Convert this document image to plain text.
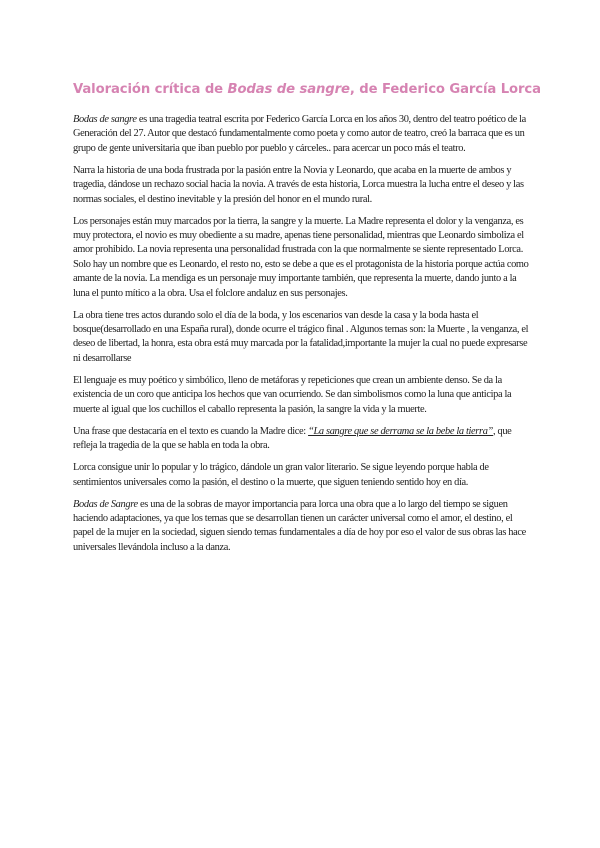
Valoración crítica de Bodas de sangre, de Federico García Lorca

Bodas de sangre es una tragedia teatral escrita por Federico García Lorca en los años 30, dentro del teatro poético de la Generación del 27. Autor que destacó fundamentalmente como poeta y como autor de teatro, creó la barraca que es un grupo de gente universitaria que iban pueblo por pueblo y cárceles.. para acercar un poco más el teatro.

Narra la historia de una boda frustrada por la pasión entre la Novia y Leonardo, que acaba en la muerte de ambos y tragedia, dándose un rechazo social hacia la novia. A través de esta historia, Lorca muestra la lucha entre el deseo y las normas sociales, el destino inevitable y la presión del honor en el mundo rural.

Los personajes están muy marcados por la tierra, la sangre y la muerte. La Madre representa el dolor y la venganza, es muy protectora, el novio es muy obediente a su madre, apenas tiene personalidad, mientras que Leonardo simboliza el amor prohibido. La novia representa una personalidad frustrada con la que normalmente se siente representado Lorca. Solo hay un nombre que es Leonardo, el resto no, esto se debe a que es el protagonista de la historia porque actúa como amante de la novia. La mendiga es un personaje muy importante también, que representa la muerte, dando junto a la luna el punto mítico a la obra. Usa el folclore andaluz en sus personajes.

La obra tiene tres actos durando solo el día de la boda, y los escenarios van desde la casa y la boda hasta el bosque(desarrollado en una España rural), donde ocurre el trágico final . Algunos temas son: la Muerte , la venganza, el deseo de libertad, la honra, esta obra está muy marcada por la fatalidad,importante la mujer la cual no puede expresarse ni desarrollarse

El lenguaje es muy poético y simbólico, lleno de metáforas y repeticiones que crean un ambiente denso. Se da la existencia de un coro que anticipa los hechos que van ocurriendo. Se dan simbolismos como la luna que anticipa la muerte al igual que los cuchillos el caballo representa la pasión, la sangre la vida y la muerte.

Una frase que destacaría en el texto es cuando la Madre dice: “La sangre que se derrama se la bebe la tierra”, que refleja la tragedia de la que se habla en toda la obra.

Lorca consigue unir lo popular y lo trágico, dándole un gran valor literario. Se sigue leyendo porque habla de sentimientos universales como la pasión, el destino o la muerte, que siguen teniendo sentido hoy en día.

Bodas de Sangre es una de la sobras de mayor importancia para lorca una obra que a lo largo del tiempo se siguen haciendo adaptaciones, ya que los temas que se desarrollan tienen un carácter universal como el amor, el destino, el papel de la mujer en la sociedad, siguen siendo temas fundamentales a día de hoy por eso el valor de sus obras las hace universales llevándola incluso a la danza.
